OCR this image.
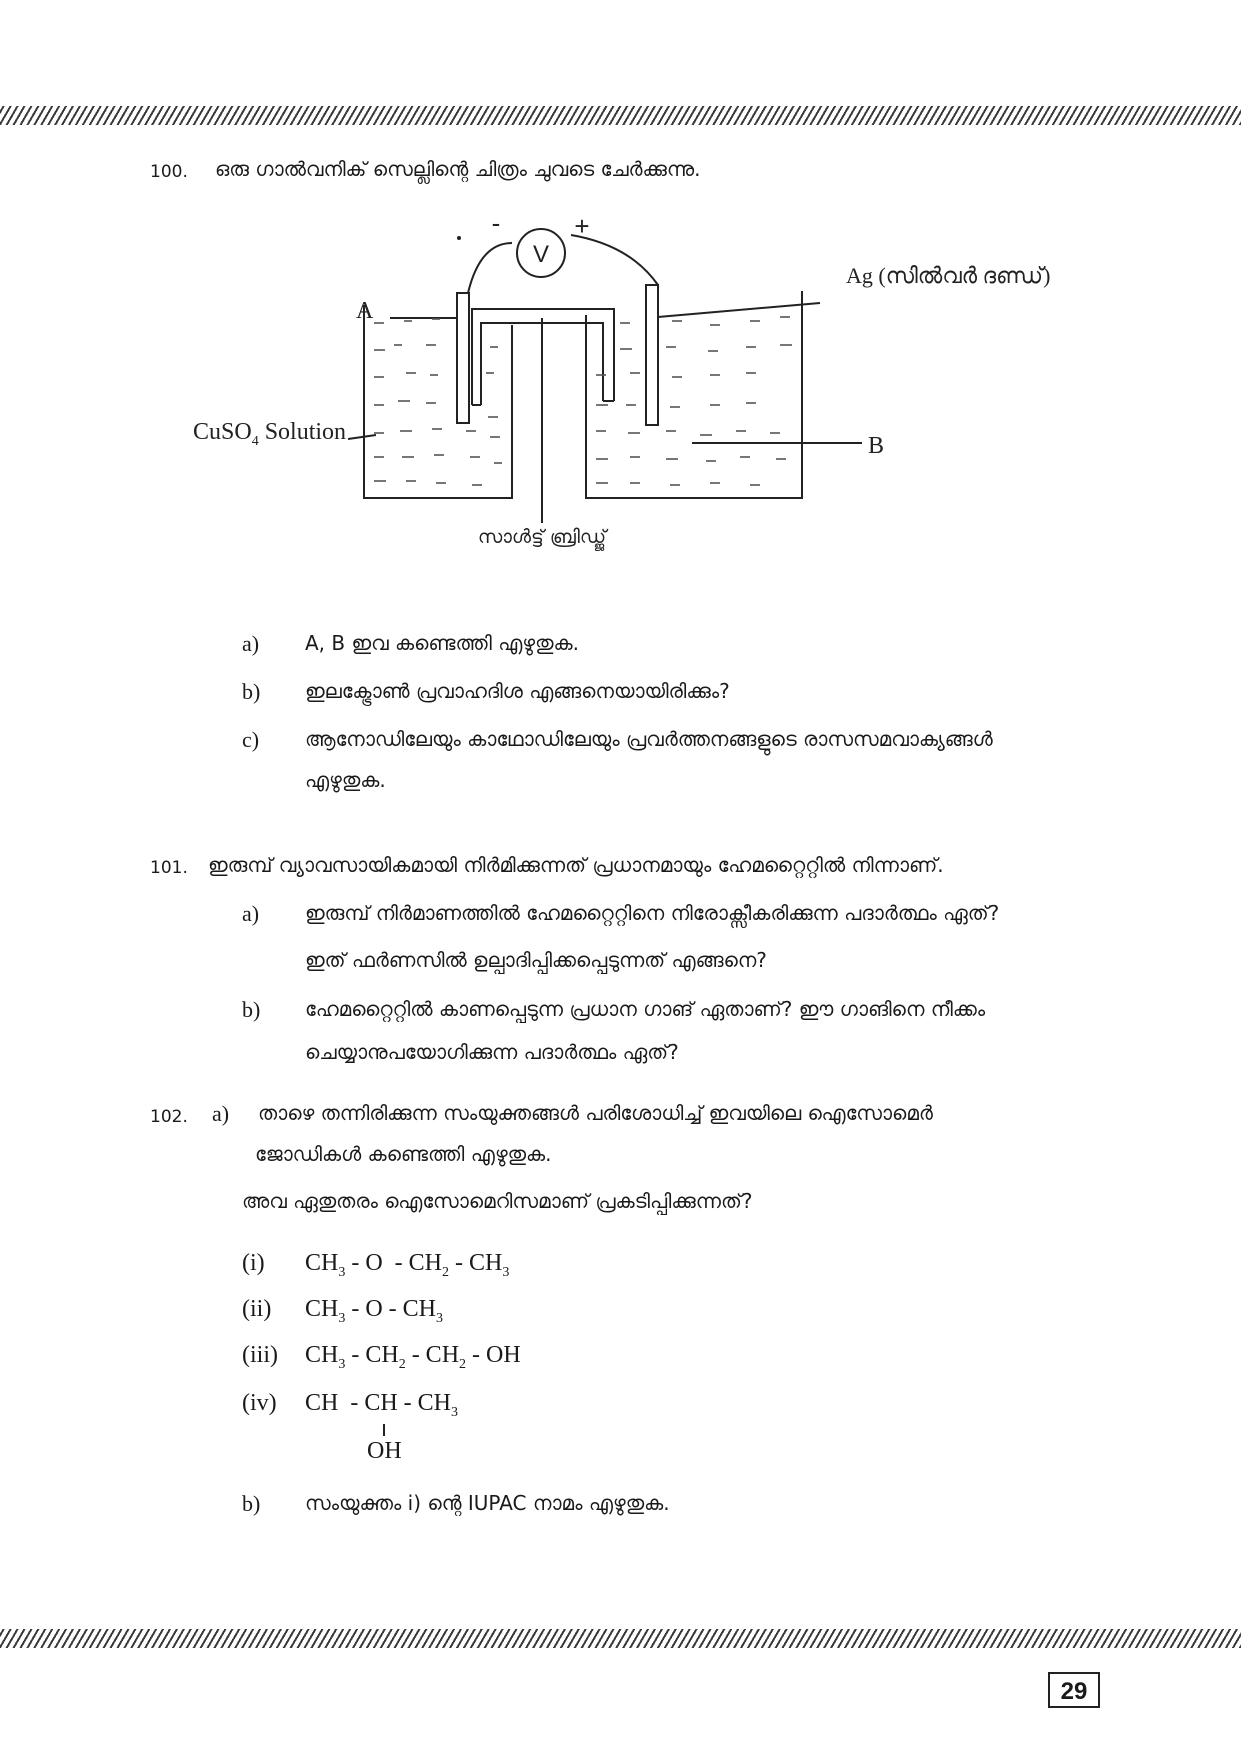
100. ഒരു ഗാൽവനിക് സെല്ലിന്റെ ചിത്രം ചുവടെ ചേർക്കുന്നു.
V
-	+
A
Ag (സിൽവർ ദണ്ഡ്)
സാൾട്ട് ബ്രിഡ്ജ്
CuSO$_4$ Solution
B
a) A, B ഇവ കണ്ടെത്തി എഴുതുക.
b) ഇലക്ട്രോൺ പ്രവാഹദിശ എങ്ങനെയായിരിക്കും?
c) ആനോഡിലേയും കാഥോഡിലേയും പ്രവർത്തനങ്ങളുടെ രാസസമവാക്യങ്ങൾ
എഴുതുക.
101. ഇരുമ്പ് വ്യാവസായികമായി നിർമിക്കുന്നത് പ്രധാനമായും ഹേമറ്റൈറ്റിൽ നിന്നാണ്.
a) ഇരുമ്പ് നിർമാണത്തിൽ ഹേമറ്റൈറ്റിനെ നിരോക്സീകരിക്കുന്ന പദാർത്ഥം ഏത്?
ഇത് ഫർണസിൽ ഉല്പാദിപ്പിക്കപ്പെടുന്നത് എങ്ങനെ?
b) ഹേമറ്റൈറ്റിൽ കാണപ്പെടുന്ന പ്രധാന ഗാങ് ഏതാണ്? ഈ ഗാങിനെ നീക്കം
ചെയ്യാനുപയോഗിക്കുന്ന പദാർത്ഥം ഏത്?
102. a) താഴെ തന്നിരിക്കുന്ന സംയുക്തങ്ങൾ പരിശോധിച്ച് ഇവയിലെ ഐസോമെർ
ജോഡികൾ കണ്ടെത്തി എഴുതുക.
അവ ഏതുതരം ഐസോമെറിസമാണ് പ്രകടിപ്പിക്കുന്നത്?
(i) $CH_3$ - O  - $CH_2 - CH_3$
(ii) $CH_3$ - O - $CH_3$
(iii) $CH_3 - CH_2 - CH_2$ - OH
(iv) CH  - CH - $CH_3$
OH
b) സംയുക്തം i) ന്റെ IUPAC നാമം എഴുതുക.
29
